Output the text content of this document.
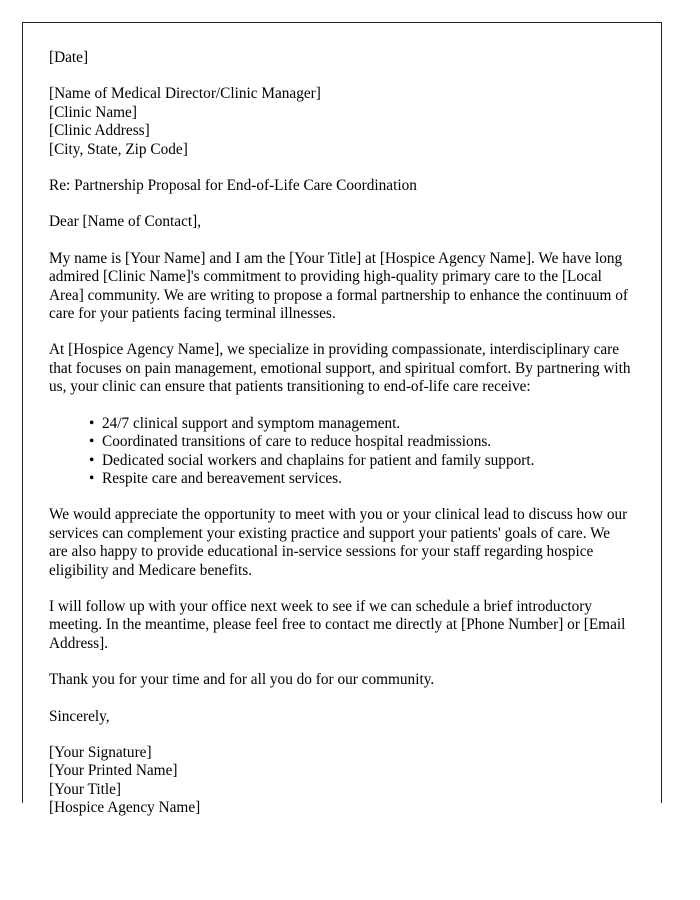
[Date]
[Name of Medical Director/Clinic Manager]
[Clinic Name]
[Clinic Address]
[City, State, Zip Code]
Re: Partnership Proposal for End-of-Life Care Coordination
Dear [Name of Contact],

My name is [Your Name] and I am the [Your Title] at [Hospice Agency Name]. We have long admired [Clinic Name]'s commitment to providing high-quality primary care to the [Local Area] community. We are writing to propose a formal partnership to enhance the continuum of care for your patients facing terminal illnesses.

At [Hospice Agency Name], we specialize in providing compassionate, interdisciplinary care that focuses on pain management, emotional support, and spiritual comfort. By partnering with us, your clinic can ensure that patients transitioning to end-of-life care receive:

• 24/7 clinical support and symptom management.
• Coordinated transitions of care to reduce hospital readmissions.
• Dedicated social workers and chaplains for patient and family support.
• Respite care and bereavement services.

We would appreciate the opportunity to meet with you or your clinical lead to discuss how our services can complement your existing practice and support your patients' goals of care. We are also happy to provide educational in-service sessions for your staff regarding hospice eligibility and Medicare benefits.

I will follow up with your office next week to see if we can schedule a brief introductory meeting. In the meantime, please feel free to contact me directly at [Phone Number] or [Email Address].

Thank you for your time and for all you do for our community.

Sincerely,
[Your Signature]
[Your Printed Name]
[Your Title]
[Hospice Agency Name]
